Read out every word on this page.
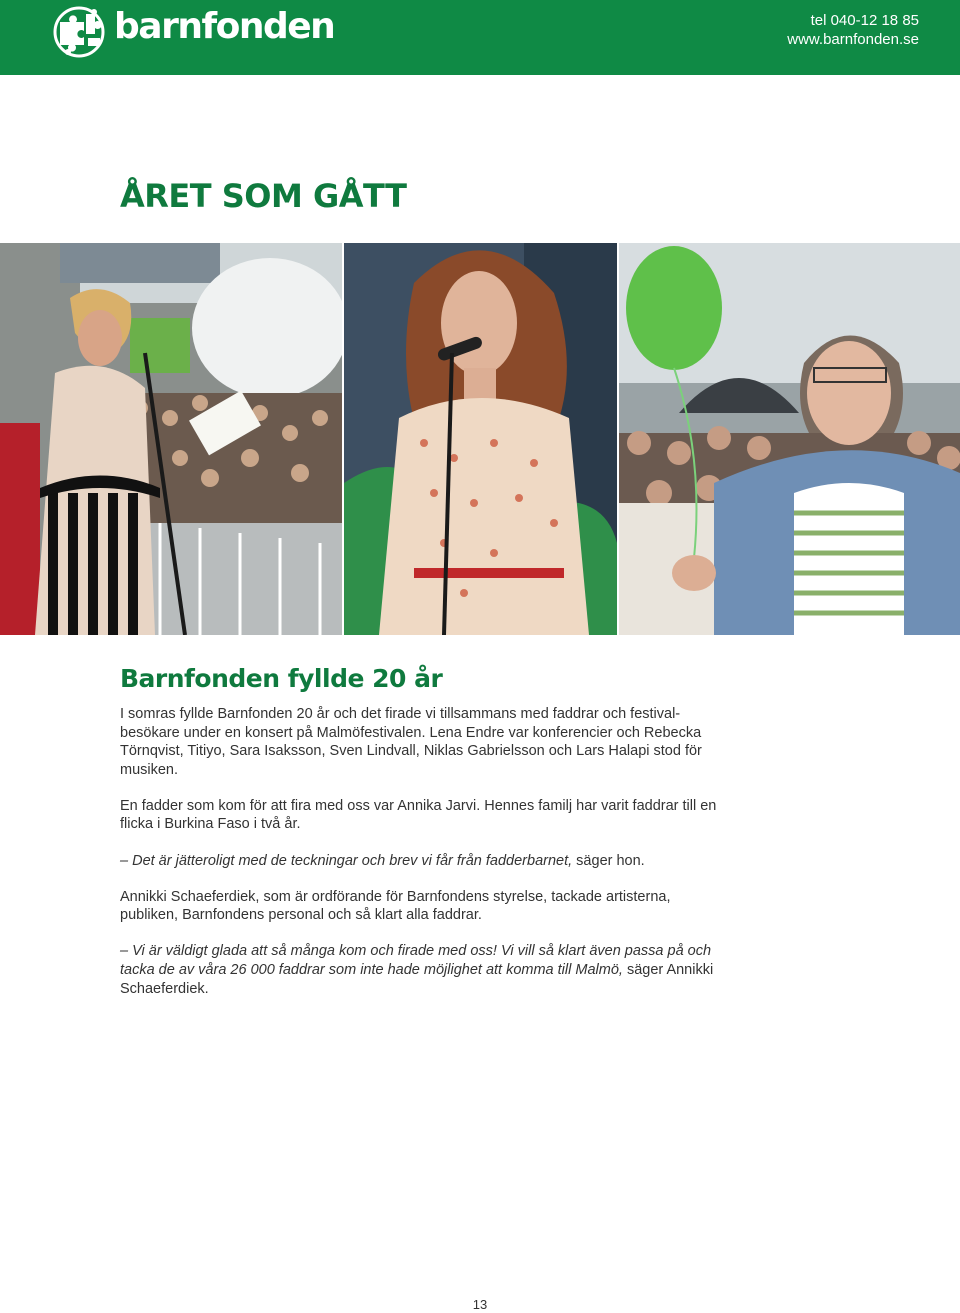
barnfonden	tel 040-12 18 85
www.barnfonden.se
ÅRET SOM GÅTT
Barnfonden fyllde 20 år

I somras fyllde Barnfonden 20 år och det firade vi tillsammans med faddrar och festival-besökare under en konsert på Malmöfestivalen. Lena Endre var konferencier och Rebecka Törnqvist, Titiyo, Sara Isaksson, Sven Lindvall, Niklas Gabrielsson och Lars Halapi stod för musiken.

En fadder som kom för att fira med oss var Annika Jarvi. Hennes familj har varit faddrar till en flicka i Burkina Faso i två år.

– Det är jätteroligt med de teckningar och brev vi får från fadderbarnet, säger hon.

Annikki Schaeferdiek, som är ordförande för Barnfondens styrelse, tackade artisterna, publiken, Barnfondens personal och så klart alla faddrar.

– Vi är väldigt glada att så många kom och firade med oss! Vi vill så klart även passa på och tacka de av våra 26 000 faddrar som inte hade möjlighet att komma till Malmö, säger Annikki Schaeferdiek.

13
